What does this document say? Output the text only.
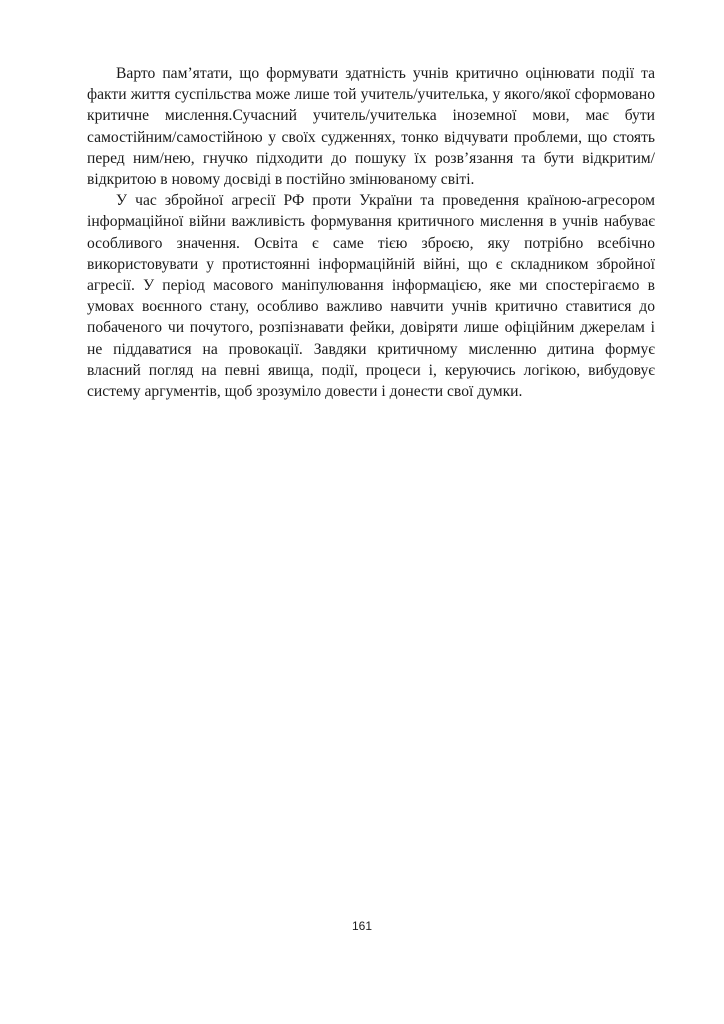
Варто пам’ятати, що формувати здатність учнів критично оцінювати події та факти життя суспільства може лише той учитель/учителька, у якого/якої сформовано критичне мислення.Сучасний учитель/учителька іноземної мови, має бути самостійним/самостійною у своїх судженнях, тонко відчувати проблеми, що стоять перед ним/нею, гнучко підходити до пошуку їх розв’язання та бути відкритим/відкритою в новому досвіді в постійно змінюваному світі.

У час збройної агресії РФ проти України та проведення країною-агресором інформаційної війни важливість формування критичного мислення в учнів набуває особливого значення. Освіта є саме тією зброєю, яку потрібно всебічно використовувати у протистоянні інформаційній війні, що є складником збройної агресії. У період масового маніпулювання інформацією, яке ми спостерігаємо в умовах воєнного стану, особливо важливо навчити учнів критично ставитися до побаченого чи почутого, розпізнавати фейки, довіряти лише офіційним джерелам і не піддаватися на провокації. Завдяки критичному мисленню дитина формує власний погляд на певні явища, події, процеси і, керуючись логікою, вибудовує систему аргументів, щоб зрозуміло довести і донести свої думки.

161
